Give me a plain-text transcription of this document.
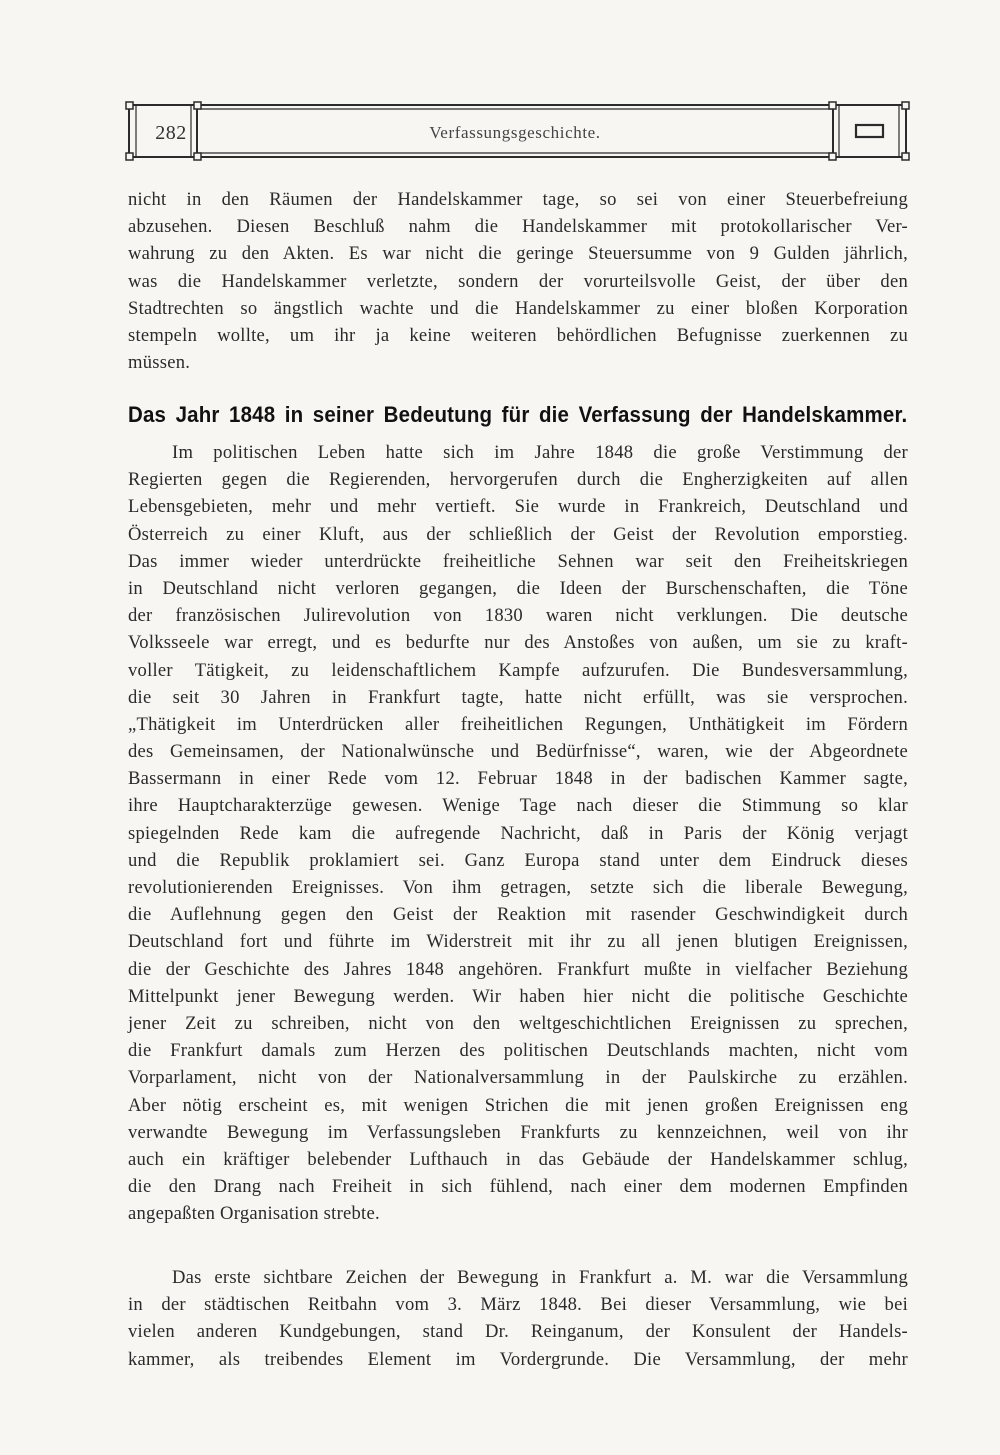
282	Verfassungsgeschichte.
nicht in den Räumen der Handelskammer tage, so sei von einer Steuerbefreiung
abzusehen. Diesen Beschluß nahm die Handelskammer mit protokollarischer Ver-
wahrung zu den Akten. Es war nicht die geringe Steuersumme von 9 Gulden jährlich,
was die Handelskammer verletzte, sondern der vorurteilsvolle Geist, der über den
Stadtrechten so ängstlich wachte und die Handelskammer zu einer bloßen Korporation
stempeln wollte, um ihr ja keine weiteren behördlichen Befugnisse zuerkennen zu
müssen.
Das Jahr 1848 in seiner Bedeutung für die Verfassung der Handelskammer.
Im politischen Leben hatte sich im Jahre 1848 die große Verstimmung der
Regierten gegen die Regierenden, hervorgerufen durch die Engherzigkeiten auf allen
Lebensgebieten, mehr und mehr vertieft. Sie wurde in Frankreich, Deutschland und
Österreich zu einer Kluft, aus der schließlich der Geist der Revolution emporstieg.
Das immer wieder unterdrückte freiheitliche Sehnen war seit den Freiheitskriegen
in Deutschland nicht verloren gegangen, die Ideen der Burschenschaften, die Töne
der französischen Julirevolution von 1830 waren nicht verklungen. Die deutsche
Volksseele war erregt, und es bedurfte nur des Anstoßes von außen, um sie zu kraft-
voller Tätigkeit, zu leidenschaftlichem Kampfe aufzurufen. Die Bundesversammlung,
die seit 30 Jahren in Frankfurt tagte, hatte nicht erfüllt, was sie versprochen.
„Thätigkeit im Unterdrücken aller freiheitlichen Regungen, Unthätigkeit im Fördern
des Gemeinsamen, der Nationalwünsche und Bedürfnisse“, waren, wie der Abgeordnete
Bassermann in einer Rede vom 12. Februar 1848 in der badischen Kammer sagte,
ihre Hauptcharakterzüge gewesen. Wenige Tage nach dieser die Stimmung so klar
spiegelnden Rede kam die aufregende Nachricht, daß in Paris der König verjagt
und die Republik proklamiert sei. Ganz Europa stand unter dem Eindruck dieses
revolutionierenden Ereignisses. Von ihm getragen, setzte sich die liberale Bewegung,
die Auflehnung gegen den Geist der Reaktion mit rasender Geschwindigkeit durch
Deutschland fort und führte im Widerstreit mit ihr zu all jenen blutigen Ereignissen,
die der Geschichte des Jahres 1848 angehören. Frankfurt mußte in vielfacher Beziehung
Mittelpunkt jener Bewegung werden. Wir haben hier nicht die politische Geschichte
jener Zeit zu schreiben, nicht von den weltgeschichtlichen Ereignissen zu sprechen,
die Frankfurt damals zum Herzen des politischen Deutschlands machten, nicht vom
Vorparlament, nicht von der Nationalversammlung in der Paulskirche zu erzählen.
Aber nötig erscheint es, mit wenigen Strichen die mit jenen großen Ereignissen eng
verwandte Bewegung im Verfassungsleben Frankfurts zu kennzeichnen, weil von ihr
auch ein kräftiger belebender Lufthauch in das Gebäude der Handelskammer schlug,
die den Drang nach Freiheit in sich fühlend, nach einer dem modernen Empfinden
angepaßten Organisation strebte.
Das erste sichtbare Zeichen der Bewegung in Frankfurt a. M. war die Versammlung
in der städtischen Reitbahn vom 3. März 1848. Bei dieser Versammlung, wie bei
vielen anderen Kundgebungen, stand Dr. Reinganum, der Konsulent der Handels-
kammer, als treibendes Element im Vordergrunde. Die Versammlung, der mehr
